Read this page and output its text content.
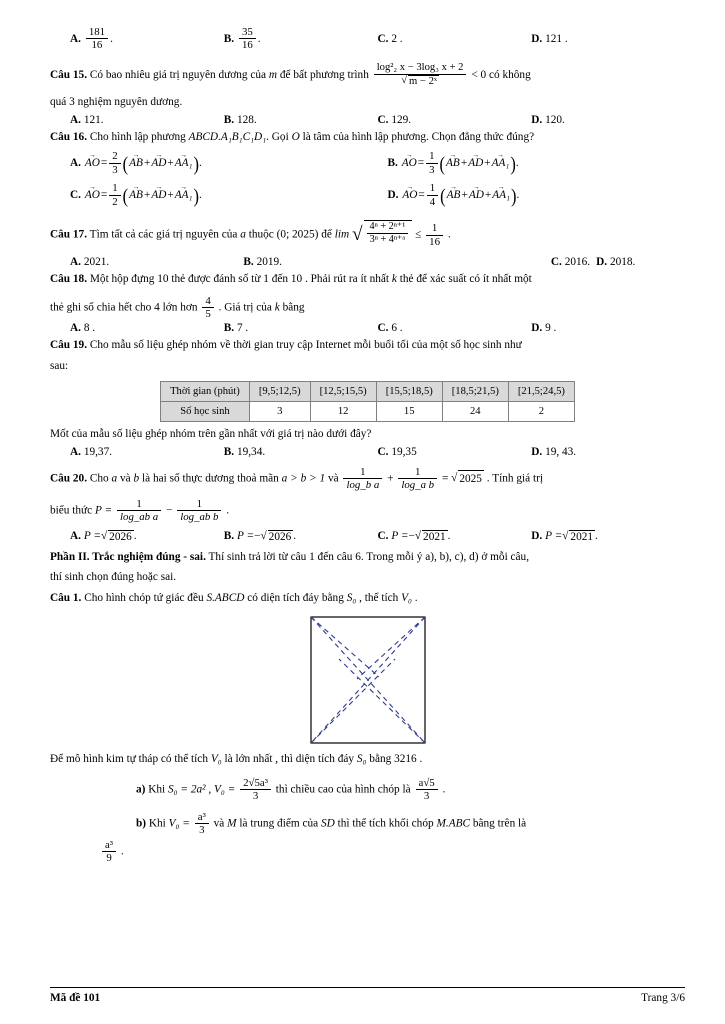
A.
$\frac{181}{16}$ .	B.
$\frac{35}{16}$ .	C.
2
.	D.
121
.
Câu 15. Có bao nhiêu giá trị nguyên dương của m để bất phương trình $\frac{\text{log²₂ x − 3log₃ x + 2}}{\text{√ m − 2ˣ}} < 0$ có không
quá 3 nghiệm nguyên dương.
A.
121.	B.
128.	C.
129.	D.
120.
Câu 16. Cho hình lập phương ABCD.A₁B₁C₁D₁. Gọi O là tâm của hình lập phương. Chọn đẳng thức đúng?
A.
AO → = $\frac{2}{3}$ ( AB → + AD → + AA₁ → ) .	B.
AO → = $\frac{1}{3}$ ( AB → + AD → + AA₁ → ) .
C.
AO → = $\frac{1}{2}$ ( AB → + AD → + AA₁ → ) .	D.
AO → = $\frac{1}{4}$ ( AB → + AD → + AA₁ → ) .
Câu 17. Tìm tất cả các giá trị nguyên của a thuộc (0; 2025) để lim √ $\frac{\text{4ⁿ + 2ⁿ⁺¹}}{\text{3ⁿ + 4ⁿ⁺ᵃ}} \le \frac{1}{16}$ .
A.
2021.	B.
2019.	C.
2016. D.
2018.
Câu 18. Một hộp đựng 10 thẻ được đánh số từ 1 đến 10 . Phải rút ra ít nhất k thẻ để xác suất có ít nhất một
thẻ ghi số chia hết cho 4 lớn hơn $\frac{4}{5}$ . Giá trị của k bằng
A.
8 .	B.
7 .	C.
6 .	D.
9 .
Câu 19. Cho mẫu số liệu ghép nhóm về thời gian truy cập Internet mỗi buổi tối của một số học sinh như
sau:
Thời gian (phút)	[9,5;12,5)	[12,5;15,5)	[15,5;18,5)	[18,5;21,5)	[21,5;24,5)
Số học sinh	3	12	15	24	2
Mốt của mẫu số liệu ghép nhóm trên gần nhất với giá trị nào dưới đây?
A.
19,37.	B.
19,34.	C.
19,35	D.
19, 43.
Câu 20. Cho a và b là hai số thực dương thoả mãn a > b > 1 và $\frac{1}{\text{log\_b a}} + \frac{1}{\text{log\_a b}}$ = √ 2025 . Tính giá trị
biểu thức $P = \frac{1}{\text{log\_ab a}} - \frac{1}{\text{log\_ab b}}$ .
A.
P = √ 2026 .	B.
P = − √ 2026 .	C.
P = − √ 2021 .	D.
P = √ 2021 .
Phần II. Trắc nghiệm đúng - sai. Thí sinh trả lời từ câu 1 đến câu 6. Trong mỗi ý a), b), c), d) ở mỗi câu,
thí sinh chọn đúng hoặc sai.
Câu 1. Cho hình chóp tứ giác đều S.ABCD có diện tích đáy bằng S₀ , thể tích V₀ .
Để mô hình kim tự tháp có thể tích V₀ là lớn nhất , thì diện tích đáy S₀ bằng 3216 .
a) Khi S₀ = 2a² , $V_0 = \frac{\text{2√5a³}}{3}$ thì chiều cao của hình chóp là $\frac{a√5}{3}$ .
b) Khi $V_0 = \frac{\text{a³}}{3}$ và M là trung điểm của SD thì thể tích khối chóp M.ABC bằng trên là
$\frac{\text{a³}}{9}$ .
Mã đề 101	Trang 3/6
